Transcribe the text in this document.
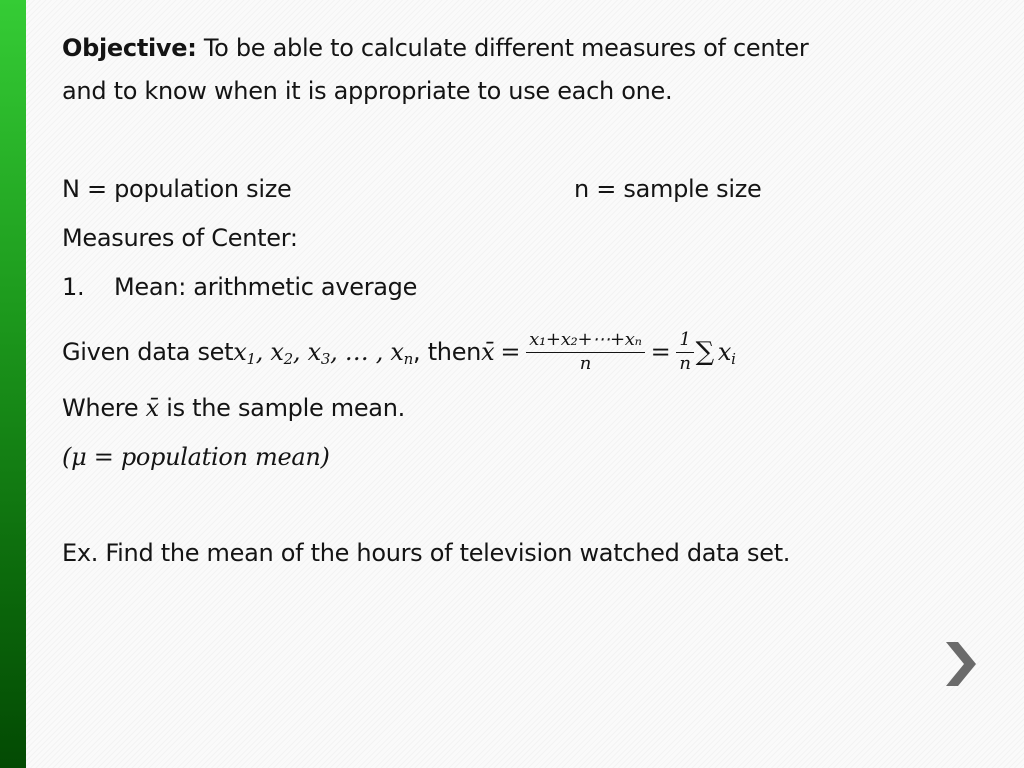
Objective: To be able to calculate different measures of center
and to know when it is appropriate to use each one.
N = population size	n = sample size
Measures of Center:
1. Mean: arithmetic average
Given data set $x_1$, $x_2$, $x_3$, … , $x_n$ , then x̄ = $\frac{\text{x₁+x₂+⋯+xₙ}}{n} = \frac{1}{n}$ ∑ $x_i$
Where x̄ is the sample mean.
(μ = population mean)
Ex. Find the mean of the hours of television watched data set.
